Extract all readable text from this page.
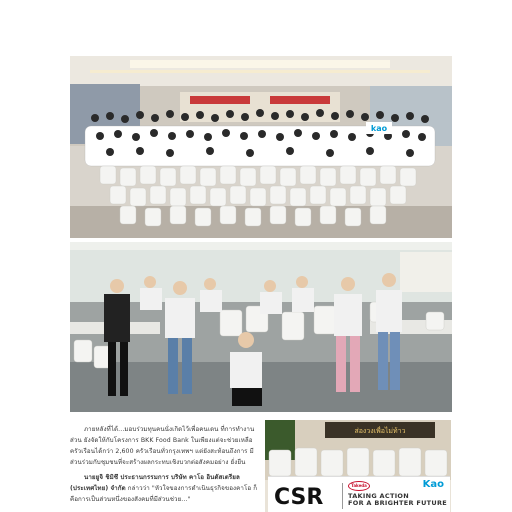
kao

ภายหลังที่ได้...มอบร่วมทุนคนนั่งเกิดไว้เพื่อคนเดน ที่การทำงานส่วน ยังจัดให้กับโครงการ BKK Food Bank ในเพียงแต่จะช่วยเหลือ ครัวเรือนได้กว่า 2,600 ครัวเรือนทั่วกรุงเทพฯ แต่ยังสะท้อนถึงการ มีส่วนร่วมกับชุมชนที่จะสร้างผลกระทบเชิงบวกต่อสังคมอย่าง ยั่งยืน

นายยูจิ ชิมิซึ ประธานกรรมการ บริษัท คาโอ อินดัสเตรียล (ประเทศไทย) จำกัด กล่าวว่า "หัวใจของการดำเนินธุรกิจของคาโอ ก็คือการเป็นส่วนหนึ่งของสังคมที่มีส่วนช่วย..."

ส่องวงเพื่อไม่ท้าว
CSR	Takeda	Kao
TAKING ACTION
FOR A BRIGHTER FUTURE
